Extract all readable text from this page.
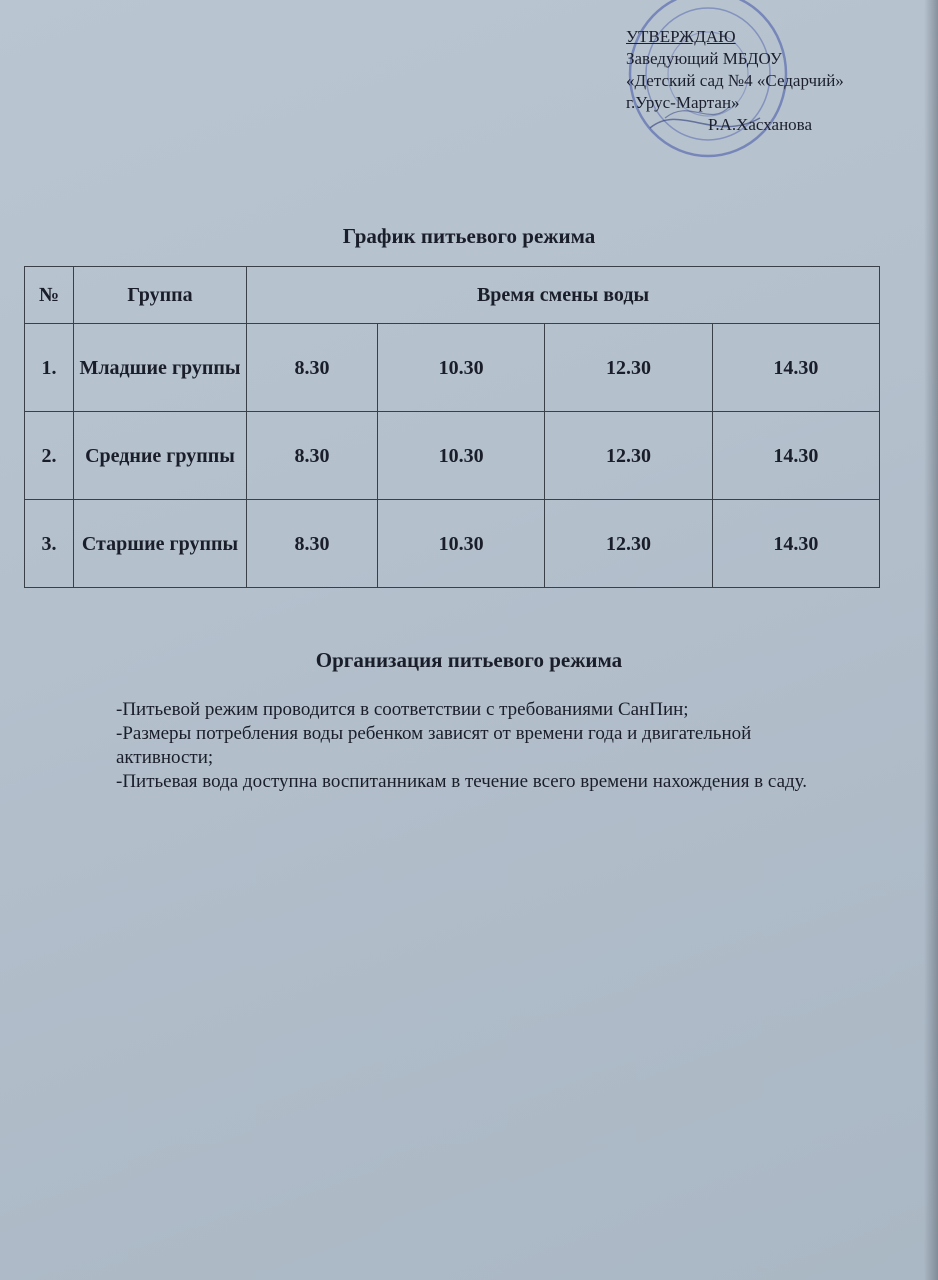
УТВЕРЖДАЮ
Заведующий МБДОУ
«Детский сад №4 «Седарчий»
г.Урус-Мартан»
Р.А.Хасханова
График питьевого режима
№	Группа	Время смены воды			
1.	Младшие группы	8.30	10.30	12.30	14.30
2.	Средние группы	8.30	10.30	12.30	14.30
3.	Старшие группы	8.30	10.30	12.30	14.30
Организация питьевого режима

-Питьевой режим проводится в соответствии с требованиями СанПин;

-Размеры потребления воды ребенком зависят от времени года и двигательной активности;

-Питьевая вода доступна воспитанникам в течение всего времени нахождения в саду.
